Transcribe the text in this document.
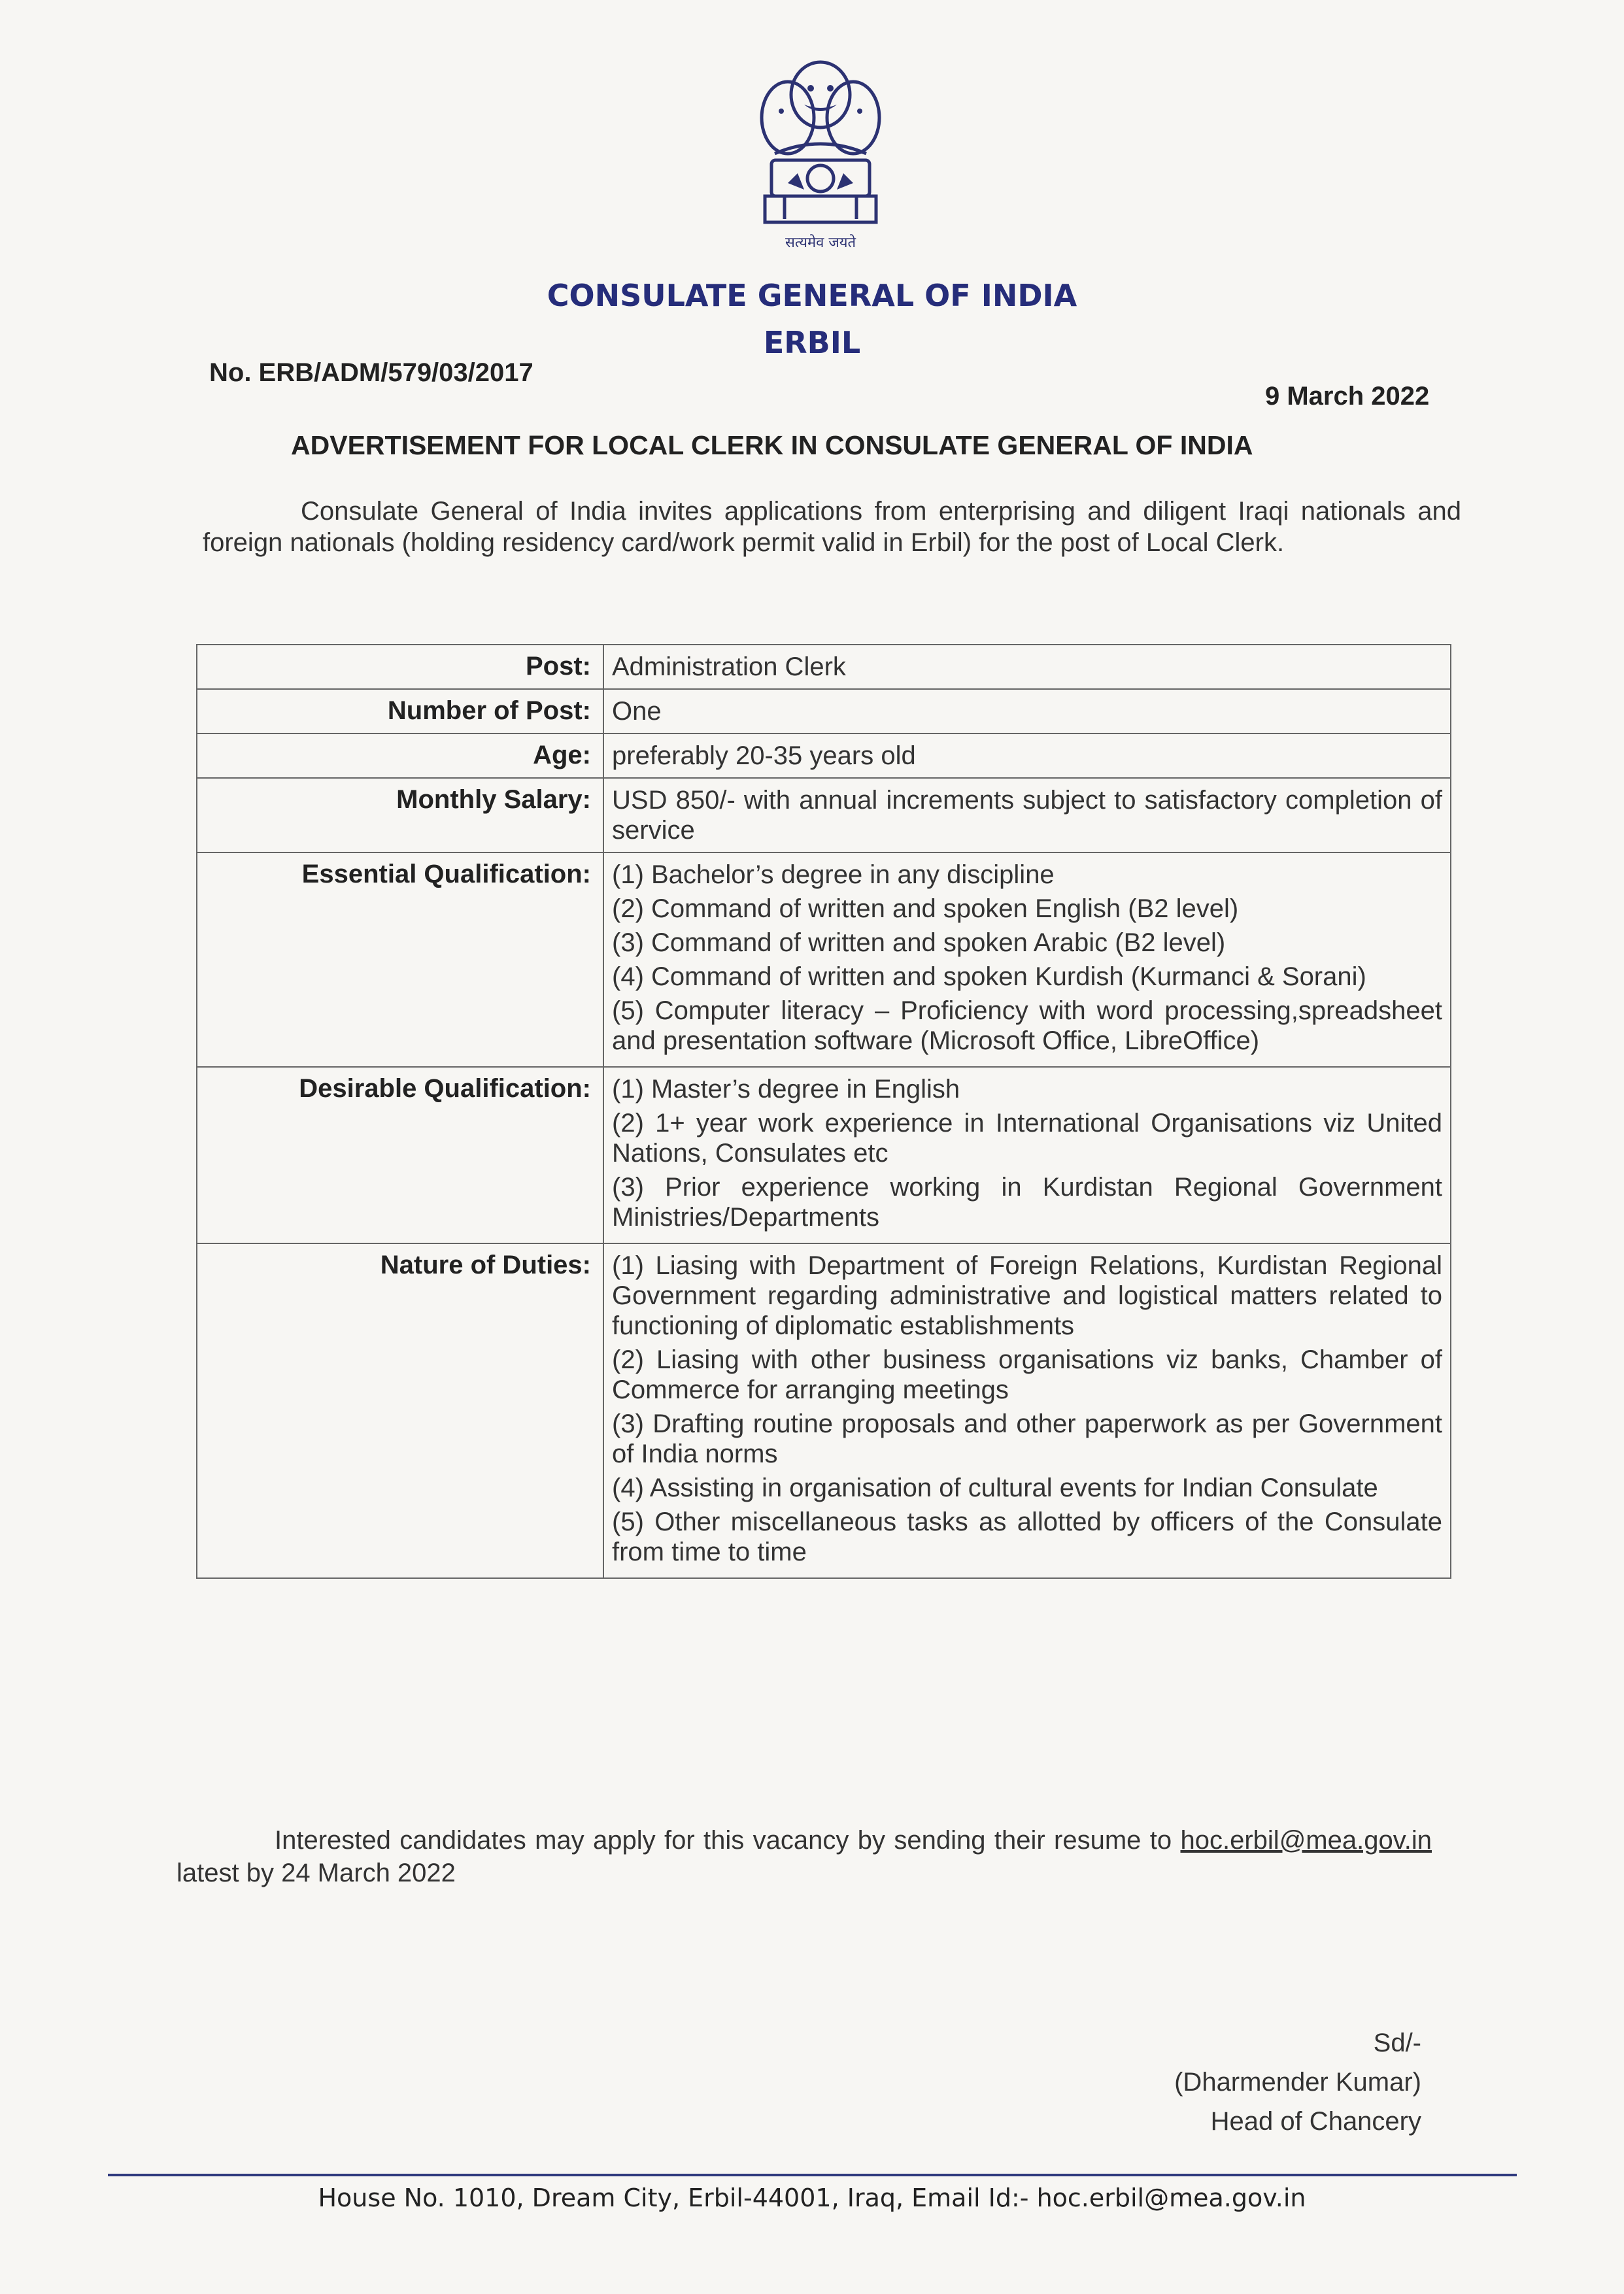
सत्यमेव जयते
CONSULATE GENERAL OF INDIA
ERBIL
No. ERB/ADM/579/03/2017
9 March 2022
ADVERTISEMENT FOR LOCAL CLERK IN CONSULATE GENERAL OF INDIA
Consulate General of India invites applications from enterprising and diligent Iraqi nationals and foreign nationals (holding residency card/work permit valid in Erbil) for the post of Local Clerk.
Post:	Administration Clerk
Number of Post:	One
Age:	preferably 20-35 years old
Monthly Salary:	USD 850/- with annual increments subject to satisfactory completion of service
Essential Qualification:	(1) Bachelor’s degree in any discipline
(2) Command of written and spoken English (B2 level)
(3) Command of written and spoken Arabic (B2 level)
(4) Command of written and spoken Kurdish (Kurmanci & Sorani)
(5) Computer literacy – Proficiency with word processing,spreadsheet and presentation software (Microsoft Office, LibreOffice)

Desirable Qualification:	(1) Master’s degree in English
(2) 1+ year work experience in International Organisations viz United Nations, Consulates etc
(3) Prior experience working in Kurdistan Regional Government Ministries/Departments

Nature of Duties:	(1) Liasing with Department of Foreign Relations, Kurdistan Regional Government regarding administrative and logistical matters related to functioning of diplomatic establishments
(2) Liasing with other business organisations viz banks, Chamber of Commerce for arranging meetings
(3) Drafting routine proposals and other paperwork as per Government of India norms
(4) Assisting in organisation of cultural events for Indian Consulate
(5) Other miscellaneous tasks as allotted by officers of the Consulate from time to time
Interested candidates may apply for this vacancy by sending their resume to hoc.erbil@mea.gov.in latest by 24 March 2022
Sd/-
(Dharmender Kumar)
Head of Chancery
House No. 1010, Dream City, Erbil-44001, Iraq, Email Id:- hoc.erbil@mea.gov.in
